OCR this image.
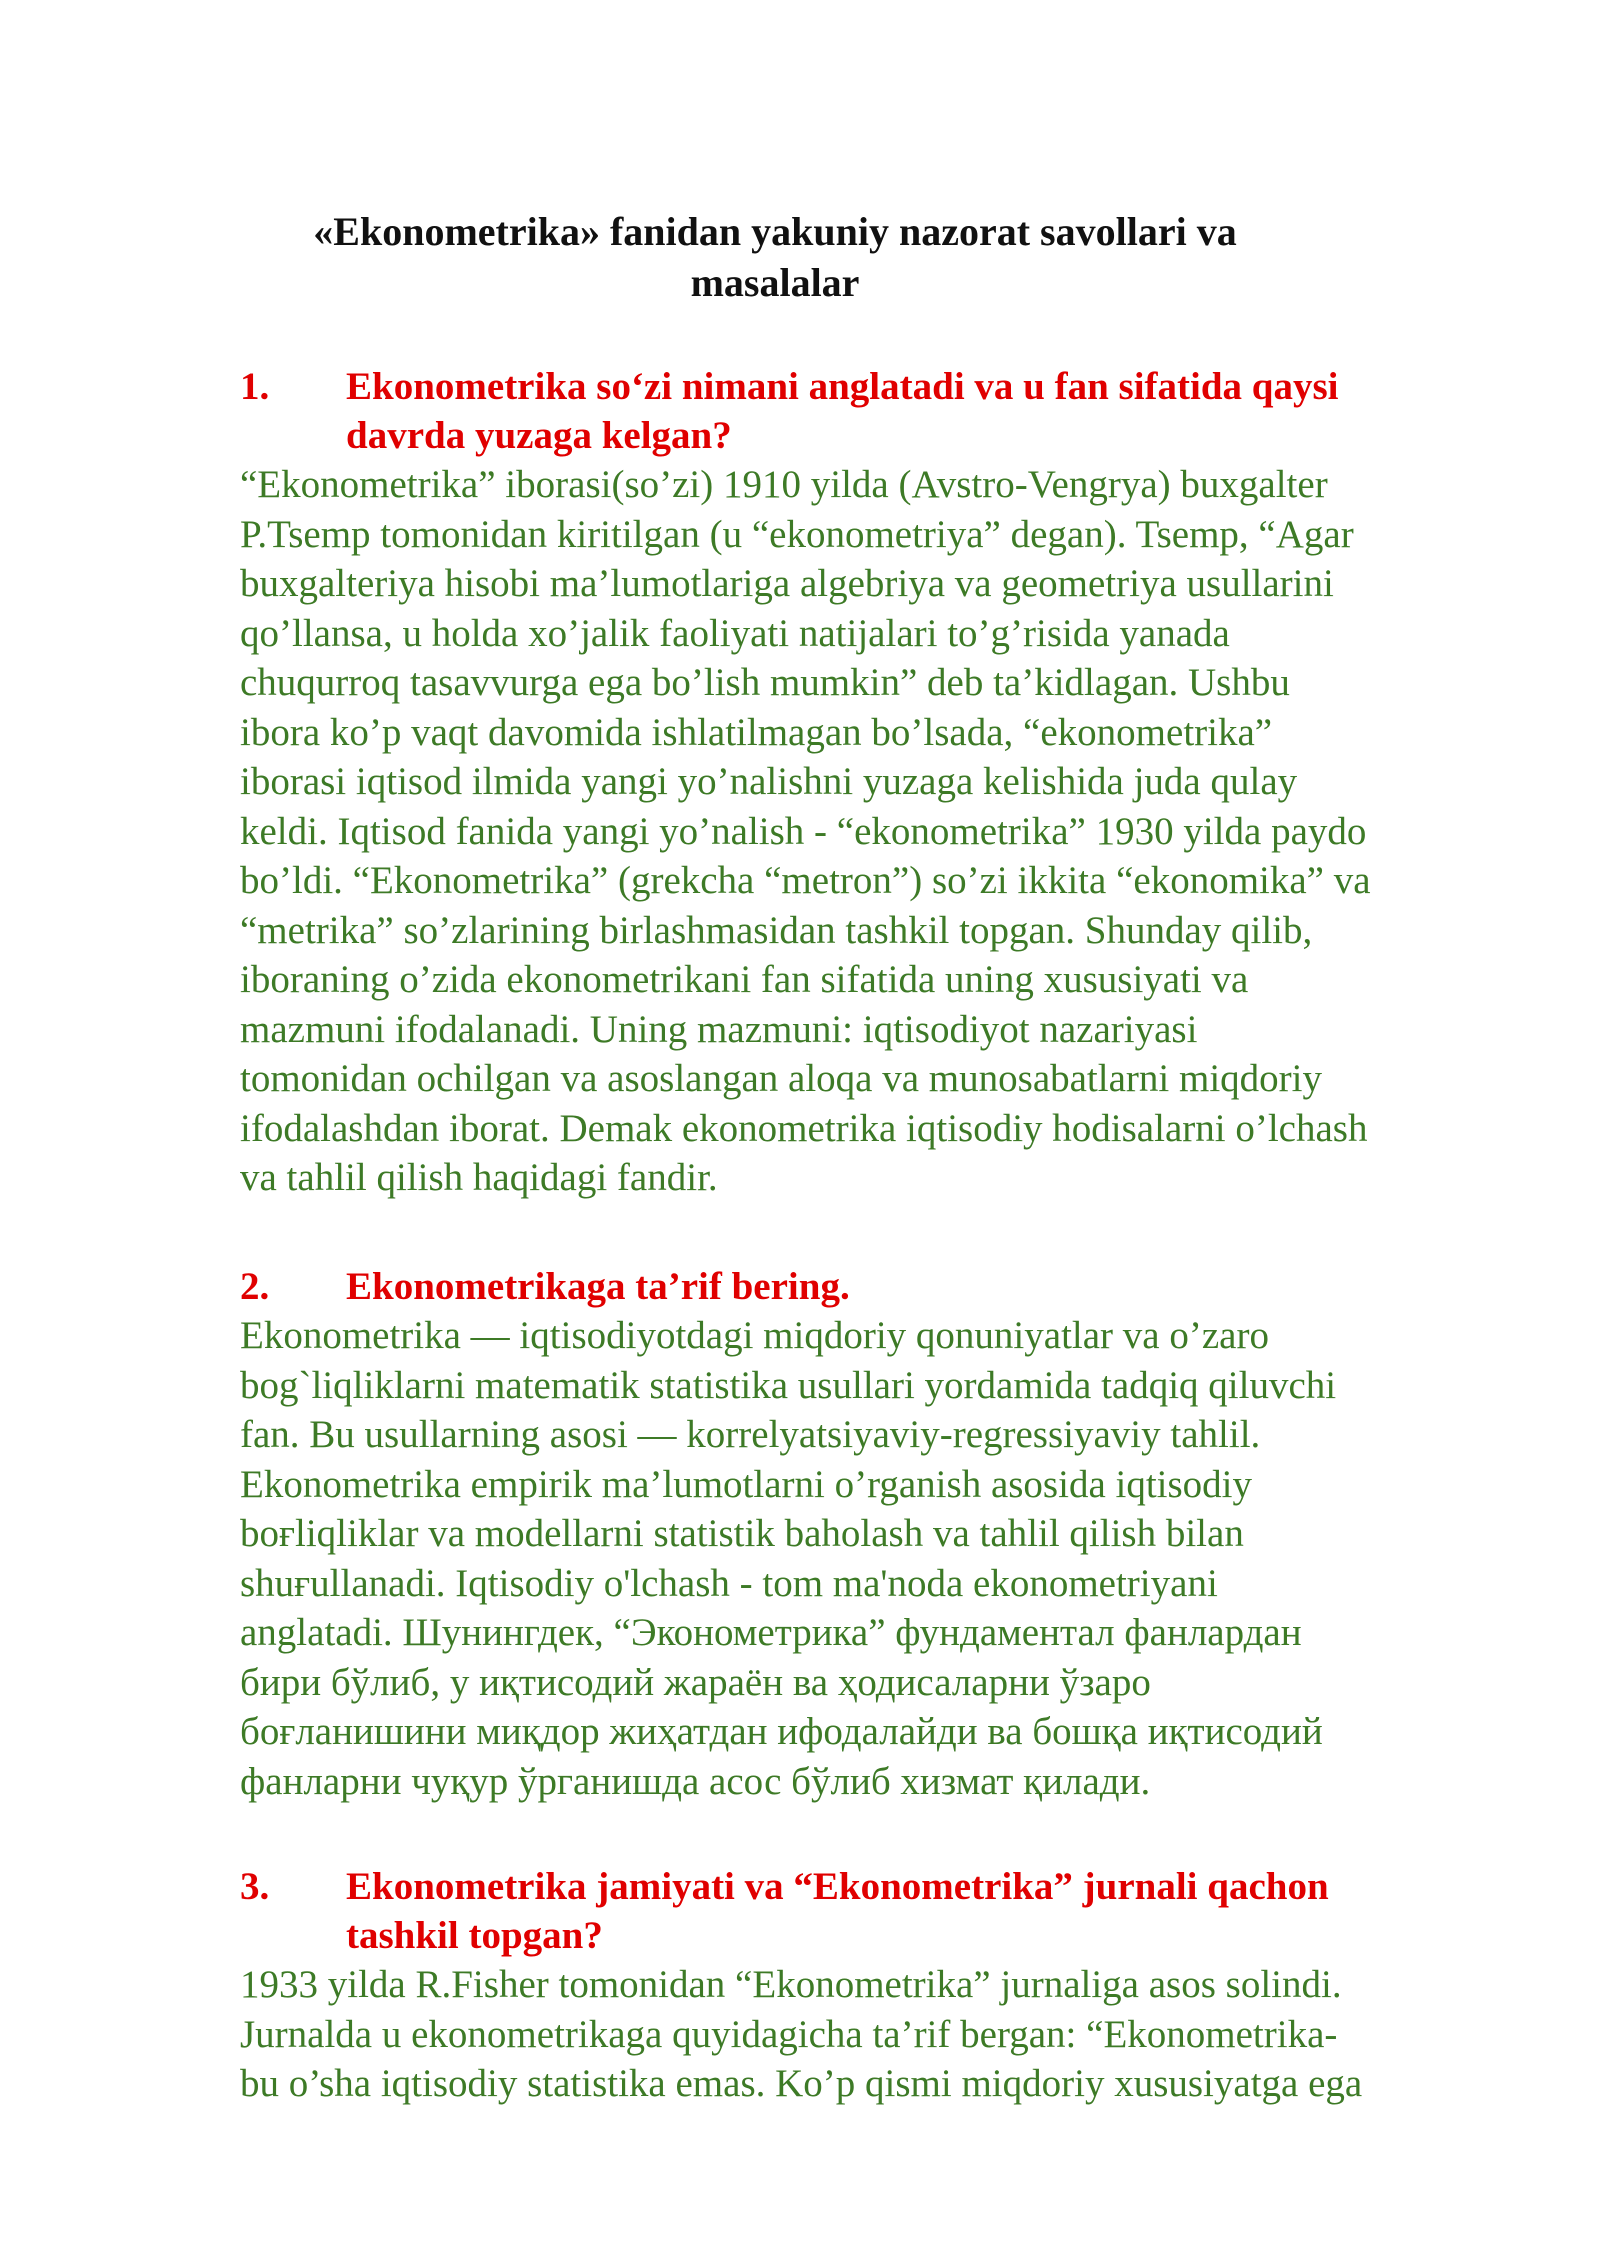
«Ekonometrika» fanidan yakuniy nazorat savollari va
masalalar
1. Ekonometrika so‘zi nimani anglatadi va u fan sifatida qaysi
davrda yuzaga kelgan?
“Ekonometrika” iborasi(so’zi) 1910 yilda (Avstro-Vengrya) buxgalter
P.Tsemp tomonidan kiritilgan (u “ekonometriya” degan). Tsemp, “Agar
buxgalteriya hisobi ma’lumotlariga algebriya va geometriya usullarini
qo’llansa, u holda xo’jalik faoliyati natijalari to’g’risida yanada
chuqurroq tasavvurga ega bo’lish mumkin” deb ta’kidlagan. Ushbu
ibora ko’p vaqt davomida ishlatilmagan bo’lsada, “ekonometrika”
iborasi iqtisod ilmida yangi yo’nalishni yuzaga kelishida juda qulay
keldi. Iqtisod fanida yangi yo’nalish - “ekonometrika” 1930 yilda paydo
bo’ldi. “Ekonometrika” (grekcha “metron”) so’zi ikkita “ekonomika” va
“metrika” so’zlarining birlashmasidan tashkil topgan. Shunday qilib,
iboraning o’zida ekonometrikani fan sifatida uning xususiyati va
mazmuni ifodalanadi. Uning mazmuni: iqtisodiyot nazariyasi
tomonidan ochilgan va asoslangan aloqa va munosabatlarni miqdoriy
ifodalashdan iborat. Demak ekonometrika iqtisodiy hodisalarni o’lchash
va tahlil qilish haqidagi fandir.
2. Ekonometrikaga ta’rif bering.
Ekonometrika — iqtisodiyotdagi miqdoriy qonuniyatlar va o’zaro
bog`liqliklarni matematik statistika usullari yordamida tadqiq qiluvchi
fan. Bu usullarning asosi — korrelyatsiyaviy-regressiyaviy tahlil.
Ekonometrika empirik ma’lumotlarni o’rganish asosida iqtisodiy
boғliqliklar va modellarni statistik baholash va tahlil qilish bilan
shuғullanadi. Iqtisodiy o'lchash - tom ma'noda ekonometriyani
anglatadi. Шунингдек, “Эконометрика” фундаментал фанлардан
бири бўлиб, у иқтисодий жараён ва ҳодисаларни ўзаро
боғланишини миқдор жиҳатдан ифодалайди ва бошқа иқтисодий
фанларни чуқур ўрганишда асос бўлиб хизмат қилади.
3. Ekonometrika jamiyati va “Ekonometrika” jurnali qachon
tashkil topgan?
1933 yilda R.Fisher tomonidan “Ekonometrika” jurnaliga asos solindi.
Jurnalda u ekonometrikaga quyidagicha ta’rif bergan: “Ekonometrika-
bu o’sha iqtisodiy statistika emas. Ko’p qismi miqdoriy xususiyatga ega
